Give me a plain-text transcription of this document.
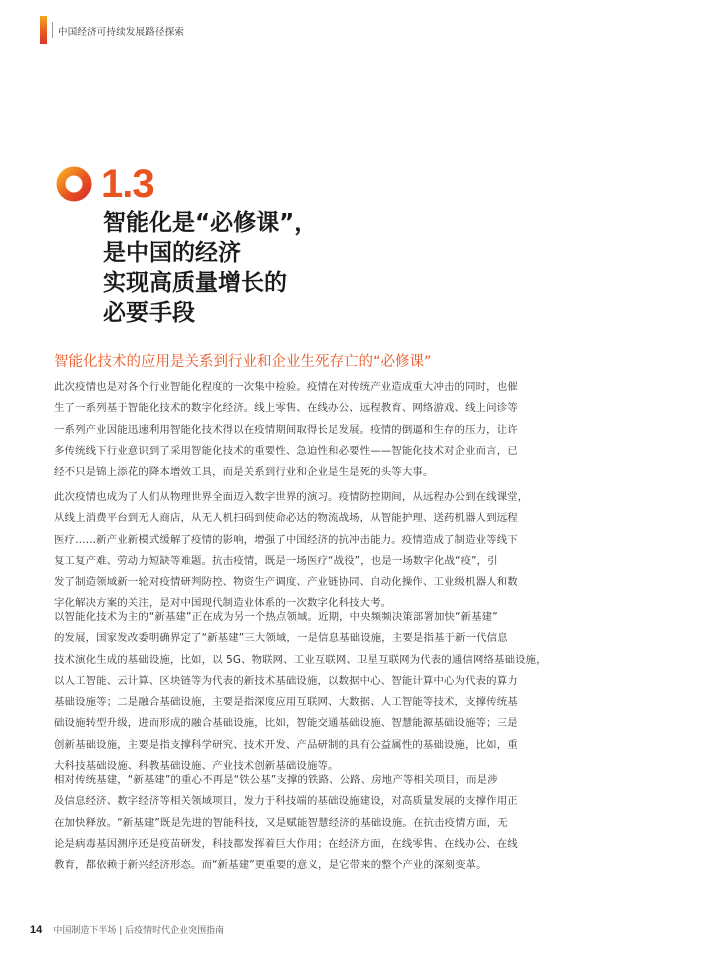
中国经济可持续发展路径探索
1.3
智能化是“必修课”，
是中国的经济
实现高质量增长的
必要手段
智能化技术的应用是关系到行业和企业生死存亡的“必修课”
此次疫情也是对各个行业智能化程度的一次集中检验。疫情在对传统产业造成重大冲击的同时，也催
生了一系列基于智能化技术的数字化经济。线上零售、在线办公、远程教育、网络游戏、线上问诊等
一系列产业因能迅速利用智能化技术得以在疫情期间取得长足发展。疫情的倒逼和生存的压力，让许
多传统线下行业意识到了采用智能化技术的重要性、急迫性和必要性——智能化技术对企业而言，已
经不只是锦上添花的降本增效工具，而是关系到行业和企业是生是死的头等大事。
此次疫情也成为了人们从物理世界全面迈入数字世界的演习。疫情防控期间，从远程办公到在线课堂，
从线上消费平台到无人商店，从无人机扫码到使命必达的物流战场，从智能护理、送药机器人到远程
医疗……新产业新模式缓解了疫情的影响，增强了中国经济的抗冲击能力。疫情造成了制造业等线下
复工复产难、劳动力短缺等难题。抗击疫情，既是一场医疗“战役”，也是一场数字化战“疫”，引
发了制造领域新一轮对疫情研判防控、物资生产调度、产业链协同、自动化操作、工业级机器人和数
字化解决方案的关注，是对中国现代制造业体系的一次数字化科技大考。
以智能化技术为主的“新基建”正在成为另一个热点领域。近期，中央频频决策部署加快“新基建”
的发展，国家发改委明确界定了“新基建”三大领域，一是信息基础设施，主要是指基于新一代信息
技术演化生成的基础设施，比如，以 5G、物联网、工业互联网、卫星互联网为代表的通信网络基础设施，
以人工智能、云计算、区块链等为代表的新技术基础设施，以数据中心、智能计算中心为代表的算力
基础设施等；二是融合基础设施，主要是指深度应用互联网、大数据、人工智能等技术，支撑传统基
础设施转型升级，进而形成的融合基础设施，比如，智能交通基础设施、智慧能源基础设施等；三是
创新基础设施，主要是指支撑科学研究、技术开发、产品研制的具有公益属性的基础设施，比如，重
大科技基础设施、科教基础设施、产业技术创新基础设施等。
相对传统基建，“新基建”的重心不再是“铁公基”支撑的铁路、公路、房地产等相关项目，而是涉
及信息经济、数字经济等相关领域项目，发力于科技端的基础设施建设，对高质量发展的支撑作用正
在加快释放。“新基建”既是先进的智能科技，又是赋能智慧经济的基础设施。在抗击疫情方面，无
论是病毒基因测序还是疫苗研发，科技都发挥着巨大作用；在经济方面，在线零售、在线办公、在线
教育，都依赖于新兴经济形态。而“新基建”更重要的意义，是它带来的整个产业的深刻变革。
14 中国制造下半场 | 后疫情时代企业突围指南
